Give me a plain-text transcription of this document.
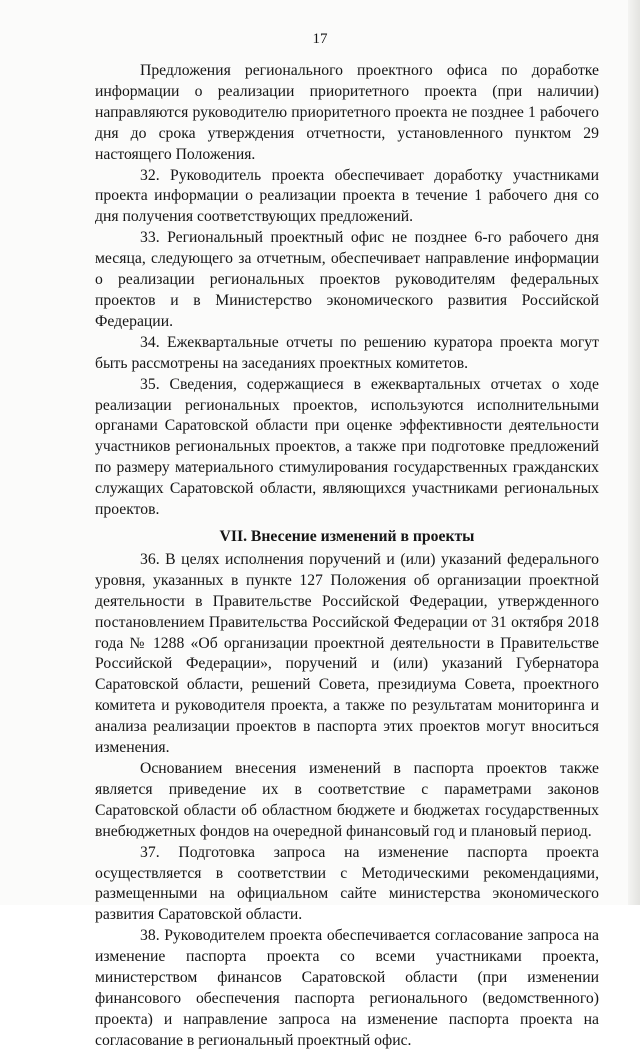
17

Предложения регионального проектного офиса по доработке информации о реализации приоритетного проекта (при наличии) направляются руководителю приоритетного проекта не позднее 1 рабочего дня до срока утверждения отчетности, установленного пунктом 29 настоящего Положения.

32. Руководитель проекта обеспечивает доработку участниками проекта информации о реализации проекта в течение 1 рабочего дня со дня получения соответствующих предложений.

33. Региональный проектный офис не позднее 6-го рабочего дня месяца, следующего за отчетным, обеспечивает направление информации о реализации региональных проектов руководителям федеральных проектов и в Министерство экономического развития Российской Федерации.

34. Ежеквартальные отчеты по решению куратора проекта могут быть рассмотрены на заседаниях проектных комитетов.

35. Сведения, содержащиеся в ежеквартальных отчетах о ходе реализации региональных проектов, используются исполнительными органами Саратовской области при оценке эффективности деятельности участников региональных проектов, а также при подготовке предложений по размеру материального стимулирования государственных гражданских служащих Саратовской области, являющихся участниками региональных проектов.

VII. Внесение изменений в проекты

36. В целях исполнения поручений и (или) указаний федерального уровня, указанных в пункте 127 Положения об организации проектной деятельности в Правительстве Российской Федерации, утвержденного постановлением Правительства Российской Федерации от 31 октября 2018 года № 1288 «Об организации проектной деятельности в Правительстве Российской Федерации», поручений и (или) указаний Губернатора Саратовской области, решений Совета, президиума Совета, проектного комитета и руководителя проекта, а также по результатам мониторинга и анализа реализации проектов в паспорта этих проектов могут вноситься изменения.

Основанием внесения изменений в паспорта проектов также является приведение их в соответствие с параметрами законов Саратовской области об областном бюджете и бюджетах государственных внебюджетных фондов на очередной финансовый год и плановый период.

37. Подготовка запроса на изменение паспорта проекта осуществляется в соответствии с Методическими рекомендациями, размещенными на официальном сайте министерства экономического развития Саратовской области.

38. Руководителем проекта обеспечивается согласование запроса на изменение паспорта проекта со всеми участниками проекта, министерством финансов Саратовской области (при изменении финансового обеспечения паспорта регионального (ведомственного) проекта) и направление запроса на изменение паспорта проекта на согласование в региональный проектный офис.
